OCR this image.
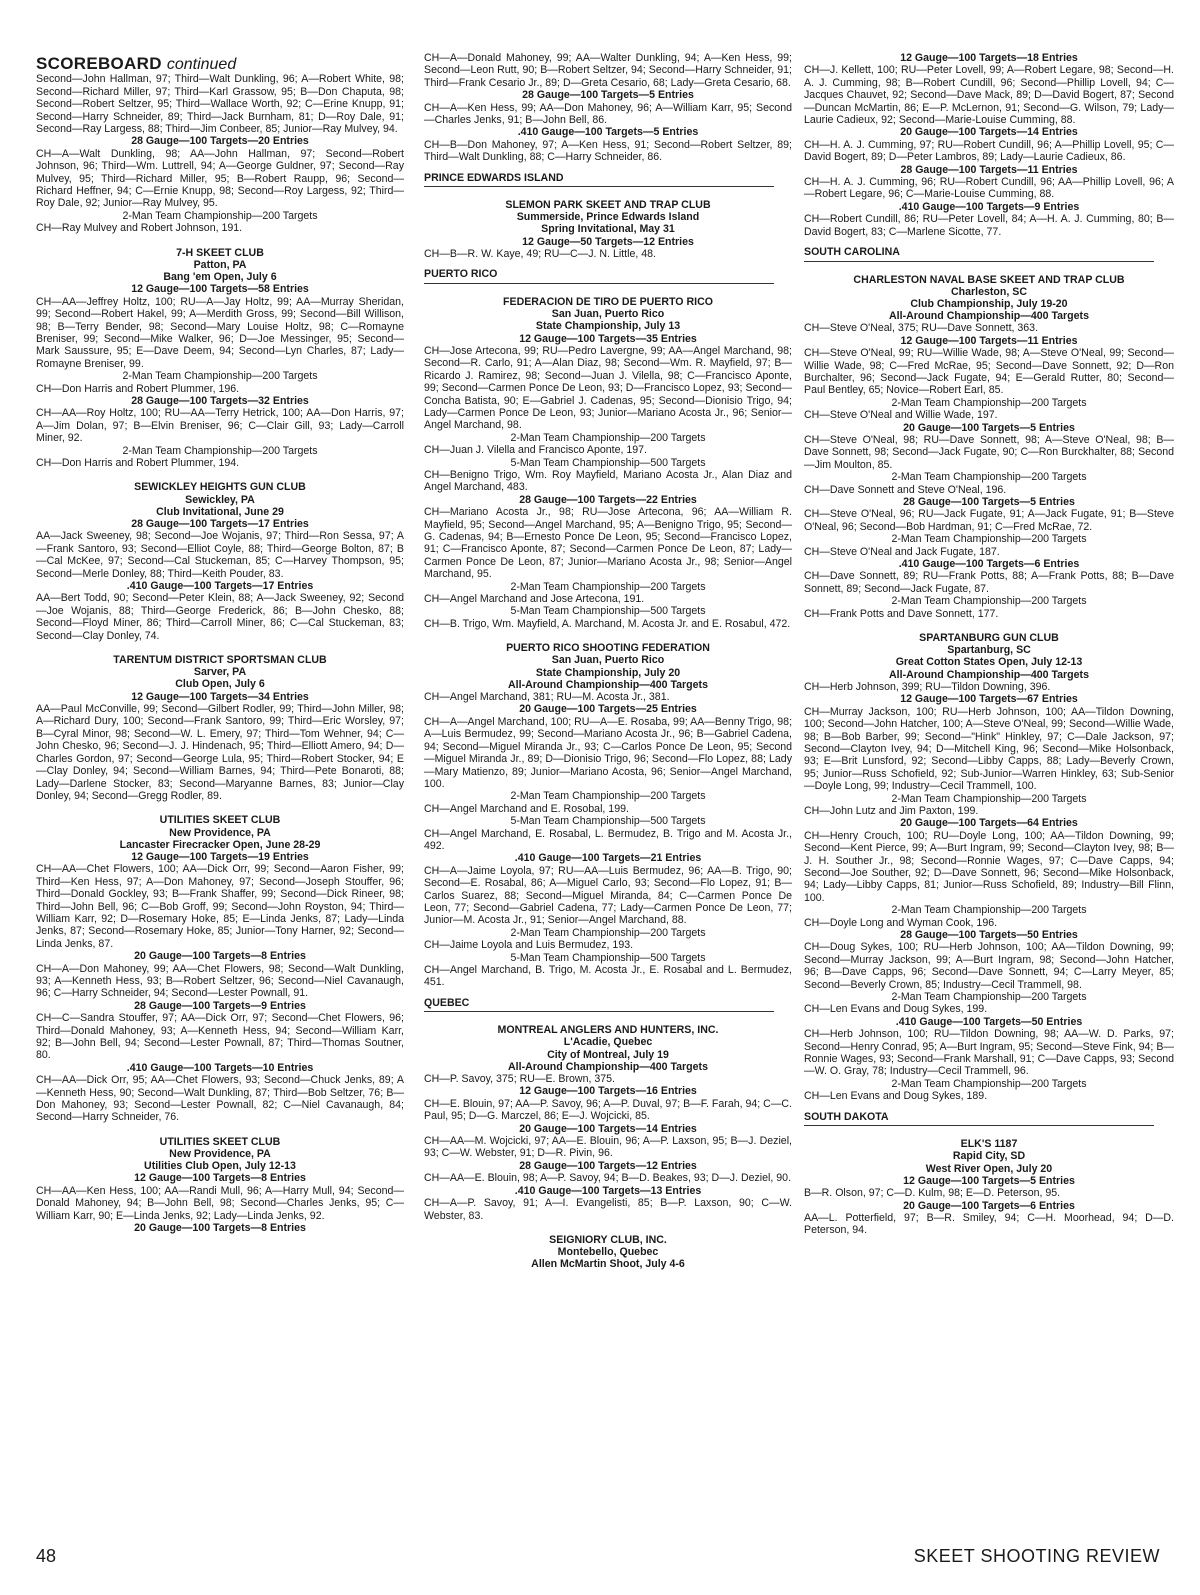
SCOREBOARD continued
Second—John Hallman, 97; Third—Walt Dunkling, 96; A—Robert White, 98; Second—Richard Miller, 97; Third—Karl Grassow, 95; B—Don Chaputa, 98; Second—Robert Seltzer, 95; Third—Wallace Worth, 92; C—Erine Knupp, 91; Second—Harry Schneider, 89; Third—Jack Burnham, 81; D—Roy Dale, 91; Second—Ray Largess, 88; Third—Jim Conbeer, 85; Junior—Ray Mulvey, 94.
28 Gauge—100 Targets—20 Entries
CH—A—Walt Dunkling, 98; AA—John Hallman, 97; Second—Robert Johnson, 96; Third—Wm. Luttrell, 94; A—George Guldner, 97; Second—Ray Mulvey, 95; Third—Richard Miller, 95; B—Robert Raupp, 96; Second—Richard Heffner, 94; C—Ernie Knupp, 98; Second—Roy Largess, 92; Third—Roy Dale, 92; Junior—Ray Mulvey, 95.
2-Man Team Championship—200 Targets
CH—Ray Mulvey and Robert Johnson, 191.
7-H SKEET CLUB
Patton, PA
Bang 'em Open, July 6
12 Gauge—100 Targets—58 Entries
CH—AA—Jeffrey Holtz, 100; RU—A—Jay Holtz, 99; AA—Murray Sheridan, 99; Second—Robert Hakel, 99; A—Merdith Gross, 99; Second—Bill Willison, 98; B—Terry Bender, 98; Second—Mary Louise Holtz, 98; C—Romayne Breniser, 99; Second—Mike Walker, 96; D—Joe Messinger, 95; Second—Mark Saussure, 95; E—Dave Deem, 94; Second—Lyn Charles, 87; Lady—Romayne Breniser, 99.
2-Man Team Championship—200 Targets
CH—Don Harris and Robert Plummer, 196.
28 Gauge—100 Targets—32 Entries
CH—AA—Roy Holtz, 100; RU—AA—Terry Hetrick, 100; AA—Don Harris, 97; A—Jim Dolan, 97; B—Elvin Breniser, 96; C—Clair Gill, 93; Lady—Carroll Miner, 92.
2-Man Team Championship—200 Targets
CH—Don Harris and Robert Plummer, 194.
SEWICKLEY HEIGHTS GUN CLUB
Sewickley, PA
Club Invitational, June 29
28 Gauge—100 Targets—17 Entries
AA—Jack Sweeney, 98; Second—Joe Wojanis, 97; Third—Ron Sessa, 97; A—Frank Santoro, 93; Second—Elliot Coyle, 88; Third—George Bolton, 87; B—Cal McKee, 97; Second—Cal Stuckeman, 85; C—Harvey Thompson, 95; Second—Merle Donley, 88; Third—Keith Pouder, 83.
.410 Gauge—100 Targets—17 Entries
AA—Bert Todd, 90; Second—Peter Klein, 88; A—Jack Sweeney, 92; Second—Joe Wojanis, 88; Third—George Frederick, 86; B—John Chesko, 88; Second—Floyd Miner, 86; Third—Carroll Miner, 86; C—Cal Stuckeman, 83; Second—Clay Donley, 74.
TARENTUM DISTRICT SPORTSMAN CLUB
Sarver, PA
Club Open, July 6
12 Gauge—100 Targets—34 Entries
AA—Paul McConville, 99; Second—Gilbert Rodler, 99; Third—John Miller, 98; A—Richard Dury, 100; Second—Frank Santoro, 99; Third—Eric Worsley, 97; B—Cyral Minor, 98; Second—W. L. Emery, 97; Third—Tom Wehner, 94; C—John Chesko, 96; Second—J. J. Hindenach, 95; Third—Elliott Amero, 94; D—Charles Gordon, 97; Second—George Lula, 95; Third—Robert Stocker, 94; E—Clay Donley, 94; Second—William Barnes, 94; Third—Pete Bonaroti, 88; Lady—Darlene Stocker, 83; Second—Maryanne Barnes, 83; Junior—Clay Donley, 94; Second—Gregg Rodler, 89.
UTILITIES SKEET CLUB
New Providence, PA
Lancaster Firecracker Open, June 28-29
12 Gauge—100 Targets—19 Entries
CH—AA—Chet Flowers, 100; AA—Dick Orr, 99; Second—Aaron Fisher, 99; Third—Ken Hess, 97; A—Don Mahoney, 97; Second—Joseph Stouffer, 96; Third—Donald Gockley, 93; B—Frank Shaffer, 99; Second—Dick Rineer, 98; Third—John Bell, 96; C—Bob Groff, 99; Second—John Royston, 94; Third—William Karr, 92; D—Rosemary Hoke, 85; E—Linda Jenks, 87; Lady—Linda Jenks, 87; Second—Rosemary Hoke, 85; Junior—Tony Harner, 92; Second—Linda Jenks, 87.
20 Gauge—100 Targets—8 Entries
CH—A—Don Mahoney, 99; AA—Chet Flowers, 98; Second—Walt Dunkling, 93; A—Kenneth Hess, 93; B—Robert Seltzer, 96; Second—Niel Cavanaugh, 96; C—Harry Schneider, 94; Second—Lester Pownall, 91.
28 Gauge—100 Targets—9 Entries
CH—C—Sandra Stouffer, 97; AA—Dick Orr, 97; Second—Chet Flowers, 96; Third—Donald Mahoney, 93; A—Kenneth Hess, 94; Second—William Karr, 92; B—John Bell, 94; Second—Lester Pownall, 87; Third—Thomas Soutner, 80.
.410 Gauge—100 Targets—10 Entries
CH—AA—Dick Orr, 95; AA—Chet Flowers, 93; Second—Chuck Jenks, 89; A—Kenneth Hess, 90; Second—Walt Dunkling, 87; Third—Bob Seltzer, 76; B—Don Mahoney, 93; Second—Lester Pownall, 82; C—Niel Cavanaugh, 84; Second—Harry Schneider, 76.
UTILITIES SKEET CLUB
New Providence, PA
Utilities Club Open, July 12-13
12 Gauge—100 Targets—8 Entries
CH—AA—Ken Hess, 100; AA—Randi Mull, 96; A—Harry Mull, 94; Second—Donald Mahoney, 94; B—John Bell, 98; Second—Charles Jenks, 95; C—William Karr, 90; E—Linda Jenks, 92; Lady—Linda Jenks, 92.
20 Gauge—100 Targets—8 Entries
CH—A—Donald Mahoney, 99; AA—Walter Dunkling, 94; A—Ken Hess, 99; Second—Leon Rutt, 90; B—Robert Seltzer, 94; Second—Harry Schneider, 91; Third—Frank Cesario Jr., 89; D—Greta Cesario, 68; Lady—Greta Cesario, 68.
28 Gauge—100 Targets—5 Entries
CH—A—Ken Hess, 99; AA—Don Mahoney, 96; A—William Karr, 95; Second—Charles Jenks, 91; B—John Bell, 86.
.410 Gauge—100 Targets—5 Entries
CH—B—Don Mahoney, 97; A—Ken Hess, 91; Second—Robert Seltzer, 89; Third—Walt Dunkling, 88; C—Harry Schneider, 86.
PRINCE EDWARDS ISLAND
SLEMON PARK SKEET AND TRAP CLUB
Summerside, Prince Edwards Island
Spring Invitational, May 31
12 Gauge—50 Targets—12 Entries
CH—B—R. W. Kaye, 49; RU—C—J. N. Little, 48.
PUERTO RICO
FEDERACION DE TIRO DE PUERTO RICO
San Juan, Puerto Rico
State Championship, July 13
12 Gauge—100 Targets—35 Entries
CH—Jose Artecona, 99; RU—Pedro Lavergne, 99; AA—Angel Marchand, 98; Second—R. Carlo, 91; A—Alan Diaz, 98; Second—Wm. R. Mayfield, 97; B—Ricardo J. Ramirez, 98; Second—Juan J. Vilella, 98; C—Francisco Aponte, 99; Second—Carmen Ponce De Leon, 93; D—Francisco Lopez, 93; Second—Concha Batista, 90; E—Gabriel J. Cadenas, 95; Second—Dionisio Trigo, 94; Lady—Carmen Ponce De Leon, 93; Junior—Mariano Acosta Jr., 96; Senior—Angel Marchand, 98.
2-Man Team Championship—200 Targets
CH—Juan J. Vilella and Francisco Aponte, 197.
5-Man Team Championship—500 Targets
CH—Benigno Trigo, Wm. Roy Mayfield, Mariano Acosta Jr., Alan Diaz and Angel Marchand, 483.
28 Gauge—100 Targets—22 Entries
CH—Mariano Acosta Jr., 98; RU—Jose Artecona, 96; AA—William R. Mayfield, 95; Second—Angel Marchand, 95; A—Benigno Trigo, 95; Second—G. Cadenas, 94; B—Ernesto Ponce De Leon, 95; Second—Francisco Lopez, 91; C—Francisco Aponte, 87; Second—Carmen Ponce De Leon, 87; Lady—Carmen Ponce De Leon, 87; Junior—Mariano Acosta Jr., 98; Senior—Angel Marchand, 95.
2-Man Team Championship—200 Targets
CH—Angel Marchand and Jose Artecona, 191.
5-Man Team Championship—500 Targets
CH—B. Trigo, Wm. Mayfield, A. Marchand, M. Acosta Jr. and E. Rosabul, 472.
PUERTO RICO SHOOTING FEDERATION
San Juan, Puerto Rico
State Championship, July 20
All-Around Championship—400 Targets
CH—Angel Marchand, 381; RU—M. Acosta Jr., 381.
20 Gauge—100 Targets—25 Entries
CH—A—Angel Marchand, 100; RU—A—E. Rosaba, 99; AA—Benny Trigo, 98; A—Luis Bermudez, 99; Second—Mariano Acosta Jr., 96; B—Gabriel Cadena, 94; Second—Miguel Miranda Jr., 93; C—Carlos Ponce De Leon, 95; Second—Miguel Miranda Jr., 89; D—Dionisio Trigo, 96; Second—Flo Lopez, 88; Lady—Mary Matienzo, 89; Junior—Mariano Acosta, 96; Senior—Angel Marchand, 100.
2-Man Team Championship—200 Targets
CH—Angel Marchand and E. Rosobal, 199.
5-Man Team Championship—500 Targets
CH—Angel Marchand, E. Rosabal, L. Bermudez, B. Trigo and M. Acosta Jr., 492.
.410 Gauge—100 Targets—21 Entries
CH—A—Jaime Loyola, 97; RU—AA—Luis Bermudez, 96; AA—B. Trigo, 90; Second—E. Rosabal, 86; A—Miguel Carlo, 93; Second—Flo Lopez, 91; B—Carlos Suarez, 88; Second—Miguel Miranda, 84; C—Carmen Ponce De Leon, 77; Second—Gabriel Cadena, 77; Lady—Carmen Ponce De Leon, 77; Junior—M. Acosta Jr., 91; Senior—Angel Marchand, 88.
2-Man Team Championship—200 Targets
CH—Jaime Loyola and Luis Bermudez, 193.
5-Man Team Championship—500 Targets
CH—Angel Marchand, B. Trigo, M. Acosta Jr., E. Rosabal and L. Bermudez, 451.
QUEBEC
MONTREAL ANGLERS AND HUNTERS, INC.
L'Acadie, Quebec
City of Montreal, July 19
All-Around Championship—400 Targets
CH—P. Savoy, 375; RU—E. Brown, 375.
12 Gauge—100 Targets—16 Entries
CH—E. Blouin, 97; AA—P. Savoy, 96; A—P. Duval, 97; B—F. Farah, 94; C—C. Paul, 95; D—G. Marczel, 86; E—J. Wojcicki, 85.
20 Gauge—100 Targets—14 Entries
CH—AA—M. Wojcicki, 97; AA—E. Blouin, 96; A—P. Laxson, 95; B—J. Deziel, 93; C—W. Webster, 91; D—R. Pivin, 96.
28 Gauge—100 Targets—12 Entries
CH—AA—E. Blouin, 98; A—P. Savoy, 94; B—D. Beakes, 93; D—J. Deziel, 90.
.410 Gauge—100 Targets—13 Entries
CH—A—P. Savoy, 91; A—I. Evangelisti, 85; B—P. Laxson, 90; C—W. Webster, 83.
SEIGNIORY CLUB, INC.
Montebello, Quebec
Allen McMartin Shoot, July 4-6
12 Gauge—100 Targets—18 Entries
CH—J. Kellett, 100; RU—Peter Lovell, 99; A—Robert Legare, 98; Second—H. A. J. Cumming, 98; B—Robert Cundill, 96; Second—Phillip Lovell, 94; C—Jacques Chauvet, 92; Second—Dave Mack, 89; D—David Bogert, 87; Second—Duncan McMartin, 86; E—P. McLernon, 91; Second—G. Wilson, 79; Lady—Laurie Cadieux, 92; Second—Marie-Louise Cumming, 88.
20 Gauge—100 Targets—14 Entries
CH—H. A. J. Cumming, 97; RU—Robert Cundill, 96; A—Phillip Lovell, 95; C—David Bogert, 89; D—Peter Lambros, 89; Lady—Laurie Cadieux, 86.
28 Gauge—100 Targets—11 Entries
CH—H. A. J. Cumming, 96; RU—Robert Cundill, 96; AA—Phillip Lovell, 96; A—Robert Legare, 96; C—Marie-Louise Cumming, 88.
.410 Gauge—100 Targets—9 Entries
CH—Robert Cundill, 86; RU—Peter Lovell, 84; A—H. A. J. Cumming, 80; B—David Bogert, 83; C—Marlene Sicotte, 77.
SOUTH CAROLINA
CHARLESTON NAVAL BASE SKEET AND TRAP CLUB
Charleston, SC
Club Championship, July 19-20
All-Around Championship—400 Targets
CH—Steve O'Neal, 375; RU—Dave Sonnett, 363.
12 Gauge—100 Targets—11 Entries
CH—Steve O'Neal, 99; RU—Willie Wade, 98; A—Steve O'Neal, 99; Second—Willie Wade, 98; C—Fred McRae, 95; Second—Dave Sonnett, 92; D—Ron Burchalter, 96; Second—Jack Fugate, 94; E—Gerald Rutter, 80; Second—Paul Bentley, 65; Novice—Robert Earl, 85.
2-Man Team Championship—200 Targets
CH—Steve O'Neal and Willie Wade, 197.
20 Gauge—100 Targets—5 Entries
CH—Steve O'Neal, 98; RU—Dave Sonnett, 98; A—Steve O'Neal, 98; B—Dave Sonnett, 98; Second—Jack Fugate, 90; C—Ron Burckhalter, 88; Second—Jim Moulton, 85.
2-Man Team Championship—200 Targets
CH—Dave Sonnett and Steve O'Neal, 196.
28 Gauge—100 Targets—5 Entries
CH—Steve O'Neal, 96; RU—Jack Fugate, 91; A—Jack Fugate, 91; B—Steve O'Neal, 96; Second—Bob Hardman, 91; C—Fred McRae, 72.
2-Man Team Championship—200 Targets
CH—Steve O'Neal and Jack Fugate, 187.
.410 Gauge—100 Targets—6 Entries
CH—Dave Sonnett, 89; RU—Frank Potts, 88; A—Frank Potts, 88; B—Dave Sonnett, 89; Second—Jack Fugate, 87.
2-Man Team Championship—200 Targets
CH—Frank Potts and Dave Sonnett, 177.
SPARTANBURG GUN CLUB
Spartanburg, SC
Great Cotton States Open, July 12-13
All-Around Championship—400 Targets
CH—Herb Johnson, 399; RU—Tildon Downing, 396.
12 Gauge—100 Targets—67 Entries
CH—Murray Jackson, 100; RU—Herb Johnson, 100; AA—Tildon Downing, 100; Second—John Hatcher, 100; A—Steve O'Neal, 99; Second—Willie Wade, 98; B—Bob Barber, 99; Second—"Hink" Hinkley, 97; C—Dale Jackson, 97; Second—Clayton Ivey, 94; D—Mitchell King, 96; Second—Mike Holsonback, 93; E—Brit Lunsford, 92; Second—Libby Capps, 88; Lady—Beverly Crown, 95; Junior—Russ Schofield, 92; Sub-Junior—Warren Hinkley, 63; Sub-Senior—Doyle Long, 99; Industry—Cecil Trammell, 100.
2-Man Team Championship—200 Targets
CH—John Lutz and Jim Paxton, 199.
20 Gauge—100 Targets—64 Entries
CH—Henry Crouch, 100; RU—Doyle Long, 100; AA—Tildon Downing, 99; Second—Kent Pierce, 99; A—Burt Ingram, 99; Second—Clayton Ivey, 98; B—J. H. Souther Jr., 98; Second—Ronnie Wages, 97; C—Dave Capps, 94; Second—Joe Souther, 92; D—Dave Sonnett, 96; Second—Mike Holsonback, 94; Lady—Libby Capps, 81; Junior—Russ Schofield, 89; Industry—Bill Flinn, 100.
2-Man Team Championship—200 Targets
CH—Doyle Long and Wyman Cook, 196.
28 Gauge—100 Targets—50 Entries
CH—Doug Sykes, 100; RU—Herb Johnson, 100; AA—Tildon Downing, 99; Second—Murray Jackson, 99; A—Burt Ingram, 98; Second—John Hatcher, 96; B—Dave Capps, 96; Second—Dave Sonnett, 94; C—Larry Meyer, 85; Second—Beverly Crown, 85; Industry—Cecil Trammell, 98.
2-Man Team Championship—200 Targets
CH—Len Evans and Doug Sykes, 199.
.410 Gauge—100 Targets—50 Entries
CH—Herb Johnson, 100; RU—Tildon Downing, 98; AA—W. D. Parks, 97; Second—Henry Conrad, 95; A—Burt Ingram, 95; Second—Steve Fink, 94; B—Ronnie Wages, 93; Second—Frank Marshall, 91; C—Dave Capps, 93; Second—W. O. Gray, 78; Industry—Cecil Trammell, 96.
2-Man Team Championship—200 Targets
CH—Len Evans and Doug Sykes, 189.
SOUTH DAKOTA
ELK'S 1187
Rapid City, SD
West River Open, July 20
12 Gauge—100 Targets—5 Entries
B—R. Olson, 97; C—D. Kulm, 98; E—D. Peterson, 95.
20 Gauge—100 Targets—6 Entries
AA—L. Potterfield, 97; B—R. Smiley, 94; C—H. Moorhead, 94; D—D. Peterson, 94.
48	SKEET SHOOTING REVIEW
